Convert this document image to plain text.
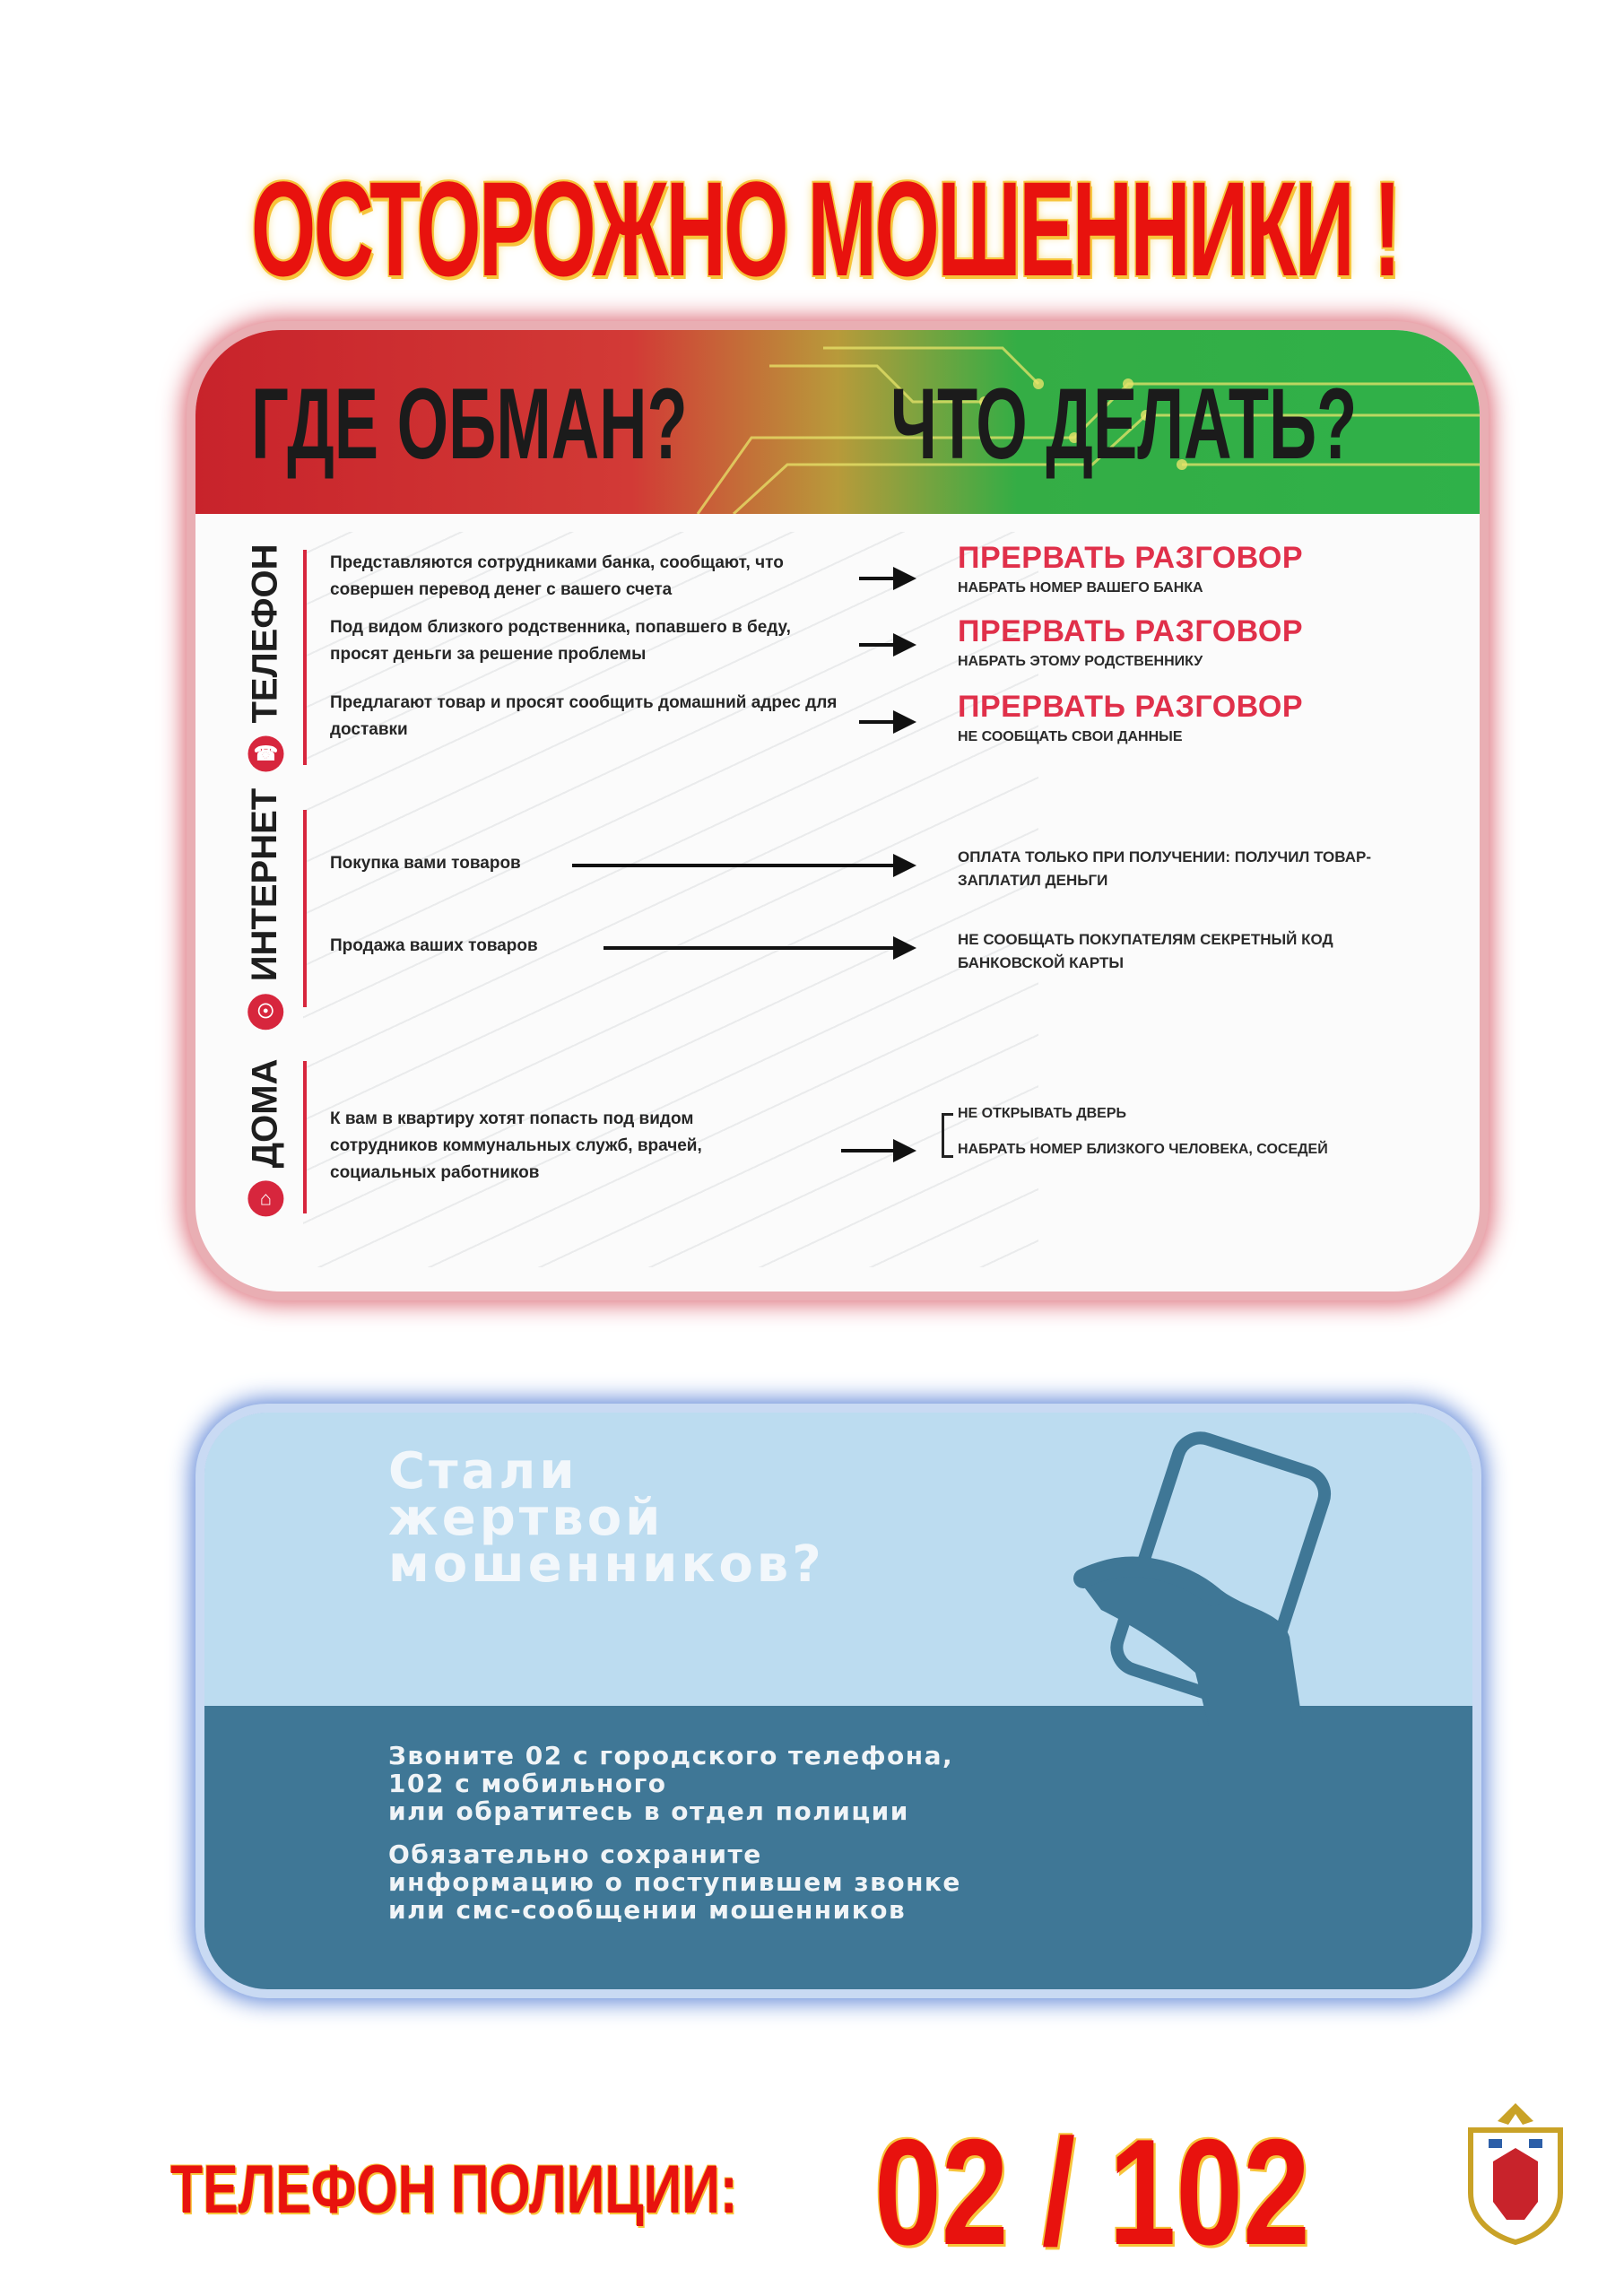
ОСТОРОЖНО МОШЕННИКИ !
ГДЕ ОБМАН? ЧТО ДЕЛАТЬ?
☎
ТЕЛЕФОН	Представляются сотрудниками банка, сообщают, что совершен перевод денег с вашего счета
ПРЕРВАТЬ РАЗГОВОР
НАБРАТЬ НОМЕР ВАШЕГО БАНКА
Под видом близкого родственника, попавшего в беду, просят деньги за решение проблемы
ПРЕРВАТЬ РАЗГОВОР
НАБРАТЬ ЭТОМУ РОДСТВЕННИКУ
Предлагают товар и просят сообщить домашний адрес для доставки
ПРЕРВАТЬ РАЗГОВОР
НЕ СООБЩАТЬ СВОИ ДАННЫЕ
☉
ИНТЕРНЕТ	Покупка вами товаров	ОПЛАТА ТОЛЬКО ПРИ ПОЛУЧЕНИИ: ПОЛУЧИЛ ТОВАР-ЗАПЛАТИЛ ДЕНЬГИ
Продажа ваших товаров	НЕ СООБЩАТЬ ПОКУПАТЕЛЯМ СЕКРЕТНЫЙ КОД БАНКОВСКОЙ КАРТЫ
⌂
ДОМА	К вам в квартиру хотят попасть под видом сотрудников коммунальных служб, врачей, социальных работников
НЕ ОТКРЫВАТЬ ДВЕРЬ
НАБРАТЬ НОМЕР БЛИЗКОГО ЧЕЛОВЕКА, СОСЕДЕЙ
Стали
жертвой
мошенников?
Звоните 02 с городского телефона,
102 с мобильного
или обратитесь в отдел полиции
Обязательно сохраните
информацию о поступившем звонке
или смс-сообщении мошенников
ТЕЛЕФОН ПОЛИЦИИ: 02 / 102
